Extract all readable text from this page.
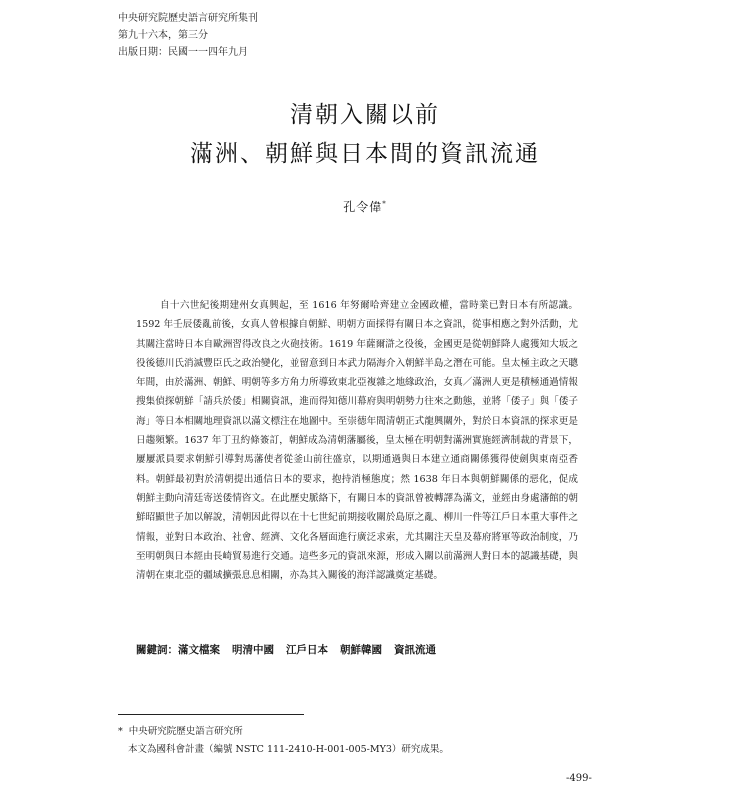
中央研究院歷史語言研究所集刊
第九十六本，第三分
出版日期：民國一一四年九月
清朝入關以前
滿洲、朝鮮與日本間的資訊流通
孔令偉*

自十六世紀後期建州女真興起，至 1616 年努爾哈齊建立金國政權，當時業已對日本有所認識。1592 年壬辰倭亂前後，女真人曾根據自朝鮮、明朝方面採得有關日本之資訊，從事相應之對外活動，尤其關注當時日本自歐洲習得改良之火砲技術。1619 年薩爾滸之役後，金國更是從朝鮮降人處獲知大坂之役後德川氏消滅豐臣氏之政治變化，並留意到日本武力隔海介入朝鮮半島之潛在可能。皇太極主政之天聰年間，由於滿洲、朝鮮、明朝等多方角力所導致東北亞複雜之地緣政治，女真／滿洲人更是積極通過情報搜集偵探朝鮮「請兵於倭」相關資訊，進而得知德川幕府與明朝勢力往來之動態，並將「倭子」與「倭子海」等日本相關地理資訊以滿文標注在地圖中。至崇德年間清朝正式龍興關外，對於日本資訊的探求更是日趨頻繁。1637 年丁丑約條簽訂，朝鮮成為清朝藩屬後，皇太極在明朝對滿洲實施經濟制裁的背景下，屢屢派員要求朝鮮引導對馬藩使者從釜山前往盛京，以期通過與日本建立通商關係獲得使劍與東南亞香料。朝鮮最初對於清朝提出通信日本的要求，抱持消極態度；然 1638 年日本與朝鮮關係的惡化，促成朝鮮主動向清廷寄送倭情咨文。在此歷史脈絡下，有關日本的資訊曾被轉譯為滿文，並經由身處瀋館的朝鮮昭顯世子加以解說，清朝因此得以在十七世紀前期接收關於島原之亂、柳川一件等江戶日本重大事件之情報，並對日本政治、社會、經濟、文化各層面進行廣泛求索，尤其關注天皇及幕府將軍等政治制度，乃至明朝與日本經由長崎貿易進行交通。這些多元的資訊來源，形成入關以前滿洲人對日本的認識基礎，與清朝在東北亞的疆域擴張息息相關，亦為其入關後的海洋認識奠定基礎。

關鍵詞：滿文檔案 明清中國 江戶日本 朝鮮韓國 資訊流通
* 中央研究院歷史語言研究所
本文為國科會計畫（編號 NSTC 111-2410-H-001-005-MY3）研究成果。
-499-
